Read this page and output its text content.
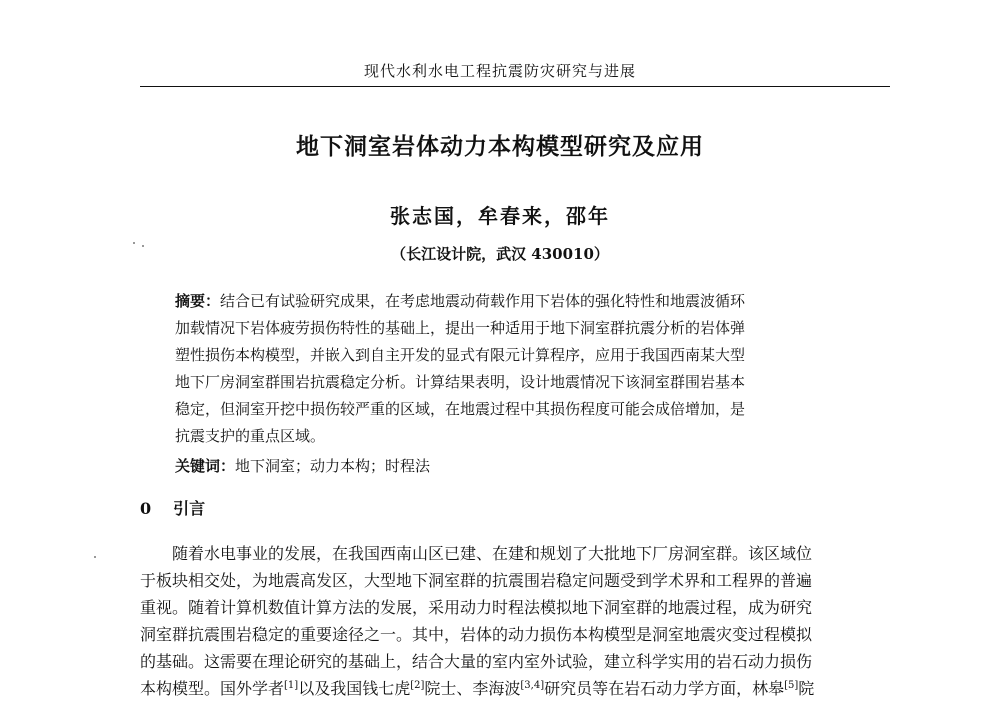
现代水利水电工程抗震防灾研究与进展
地下洞室岩体动力本构模型研究及应用
张志国，牟春来，邵年
（长江设计院，武汉 430010）
摘要：结合已有试验研究成果，在考虑地震动荷载作用下岩体的强化特性和地震波循环
加载情况下岩体疲劳损伤特性的基础上，提出一种适用于地下洞室群抗震分析的岩体弹
塑性损伤本构模型，并嵌入到自主开发的显式有限元计算程序，应用于我国西南某大型
地下厂房洞室群围岩抗震稳定分析。计算结果表明，设计地震情况下该洞室群围岩基本
稳定，但洞室开挖中损伤较严重的区域，在地震过程中其损伤程度可能会成倍增加，是
抗震支护的重点区域。
关键词：地下洞室；动力本构；时程法
0 引言
随着水电事业的发展，在我国西南山区已建、在建和规划了大批地下厂房洞室群。该区域位
于板块相交处，为地震高发区，大型地下洞室群的抗震围岩稳定问题受到学术界和工程界的普遍
重视。随着计算机数值计算方法的发展，采用动力时程法模拟地下洞室群的地震过程，成为研究
洞室群抗震围岩稳定的重要途径之一。其中，岩体的动力损伤本构模型是洞室地震灾变过程模拟
的基础。这需要在理论研究的基础上，结合大量的室内室外试验，建立科学实用的岩石动力损伤
本构模型。国外学者[1]以及我国钱七虎[2]院士、李海波[3,4]研究员等在岩石动力学方面，林皋[5]院
